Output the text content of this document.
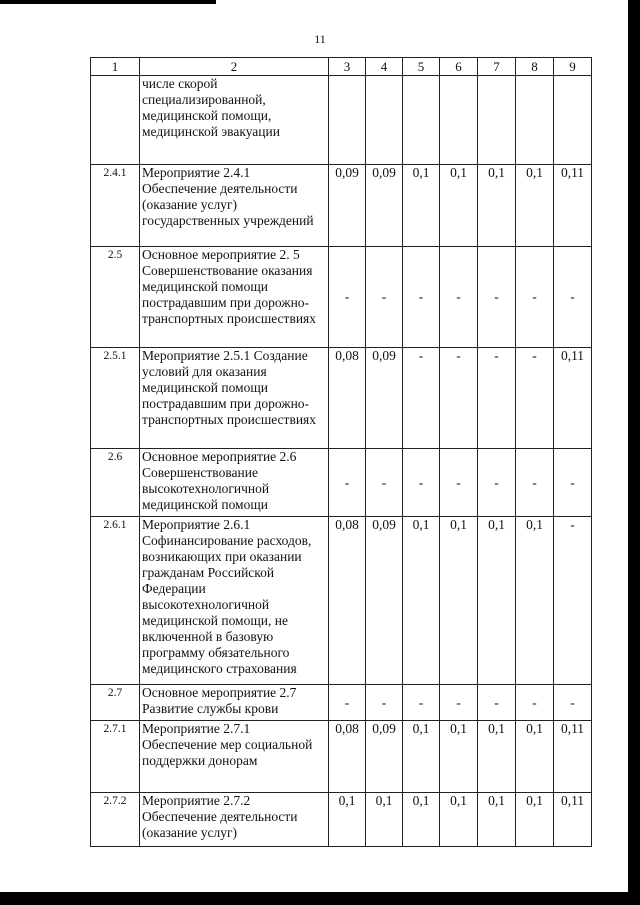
11
1	2	3	4	5	6	7	8	9
	числе скорой специализированной, медицинской помощи, медицинской эвакуации							
2.4.1	Мероприятие 2.4.1 Обеспечение деятельности (оказание услуг) государственных учреждений	0,09	0,09	0,1	0,1	0,1	0,1	0,11
2.5	Основное мероприятие 2. 5 Совершенствование оказания медицинской помощи пострадавшим при дорожно-транспортных происшествиях	-	-	-	-	-	-	-
2.5.1	Мероприятие 2.5.1 Создание условий для оказания медицинской помощи пострадавшим при дорожно-транспортных происшествиях	0,08	0,09	-	-	-	-	0,11
2.6	Основное мероприятие 2.6 Совершенствование высокотехнологичной медицинской помощи	-	-	-	-	-	-	-
2.6.1	Мероприятие 2.6.1 Софинансирование расходов, возникающих при оказании гражданам Российской Федерации высокотехнологичной медицинской помощи, не включенной в базовую программу обязательного медицинского страхования	0,08	0,09	0,1	0,1	0,1	0,1	-
2.7	Основное мероприятие 2.7 Развитие службы крови	-	-	-	-	-	-	-
2.7.1	Мероприятие 2.7.1 Обеспечение мер социальной поддержки донорам	0,08	0,09	0,1	0,1	0,1	0,1	0,11
2.7.2	Мероприятие 2.7.2 Обеспечение деятельности (оказание услуг)	0,1	0,1	0,1	0,1	0,1	0,1	0,11
